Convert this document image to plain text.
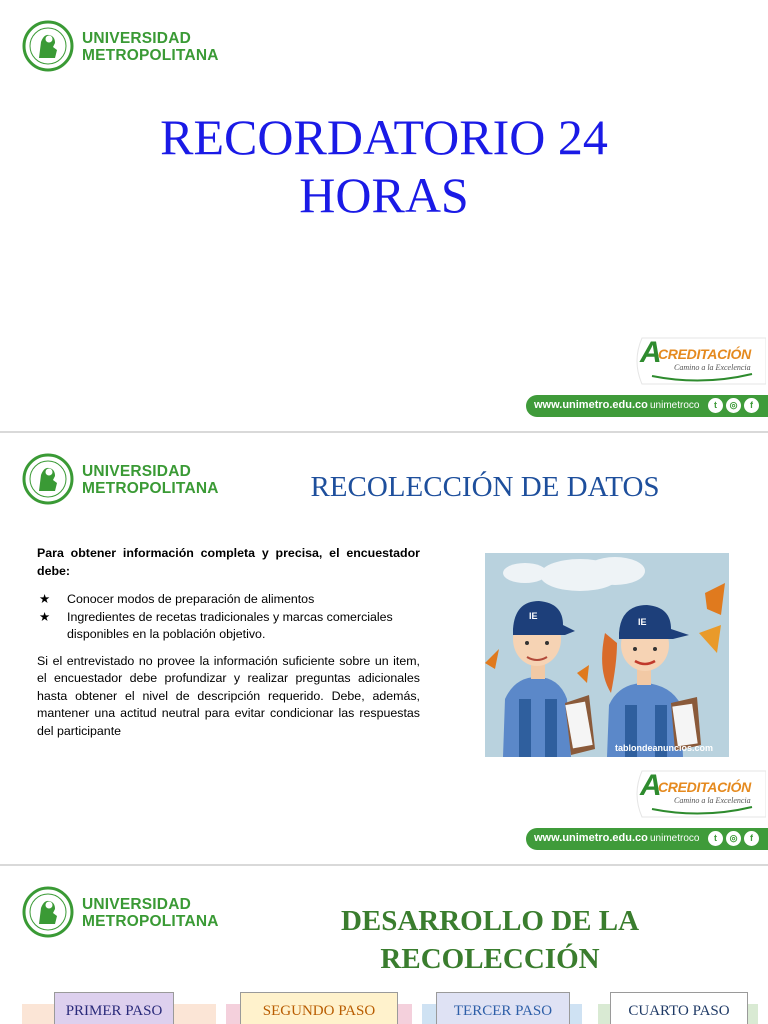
UNIVERSIDAD
METROPOLITANA
RECORDATORIO 24
HORAS
A
CREDITACIÓN
Camino a la Excelencia
www.unimetro.edu.co unimetroco	t	◎	f
UNIVERSIDAD
METROPOLITANA	RECOLECCIÓN DE DATOS

Para obtener información completa y precisa, el encuestador debe:

★ Conocer modos de preparación de alimentos
★ Ingredientes de recetas tradicionales y marcas comerciales disponibles en la población objetivo.

Si el entrevistado no provee la información suficiente sobre un item, el encuestador debe profundizar y realizar preguntas adicionales hasta obtener el nivel de descripción requerido. Debe, además, mantener una actitud neutral para evitar condicionar las respuestas del participante

IE
IE
tablondeanuncios.com
A
CREDITACIÓN
Camino a la Excelencia
www.unimetro.edu.co unimetroco	t	◎	f
UNIVERSIDAD
METROPOLITANA	DESARROLLO DE LA
RECOLECCIÓN
PRIMER PASO	SEGUNDO PASO	TERCER PASO	CUARTO PASO
